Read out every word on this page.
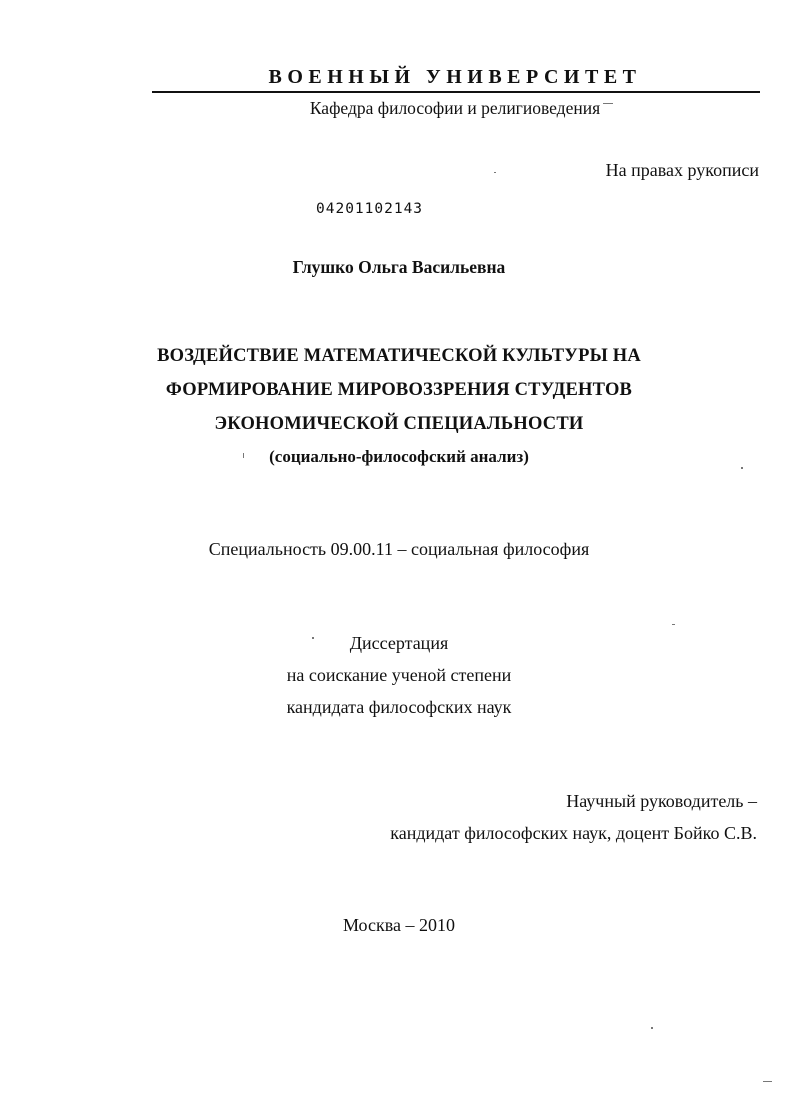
ВОЕННЫЙ УНИВЕРСИТЕТ
Кафедра философии и религиоведения
На правах рукописи
04201102143
Глушко Ольга Васильевна
ВОЗДЕЙСТВИЕ МАТЕМАТИЧЕСКОЙ КУЛЬТУРЫ НА
ФОРМИРОВАНИЕ МИРОВОЗЗРЕНИЯ СТУДЕНТОВ
ЭКОНОМИЧЕСКОЙ СПЕЦИАЛЬНОСТИ
(социально-философский анализ)
Специальность 09.00.11 – социальная философия
Диссертация
на соискание ученой степени
кандидата философских наук
Научный руководитель –
кандидат философских наук, доцент Бойко С.В.
Москва – 2010
